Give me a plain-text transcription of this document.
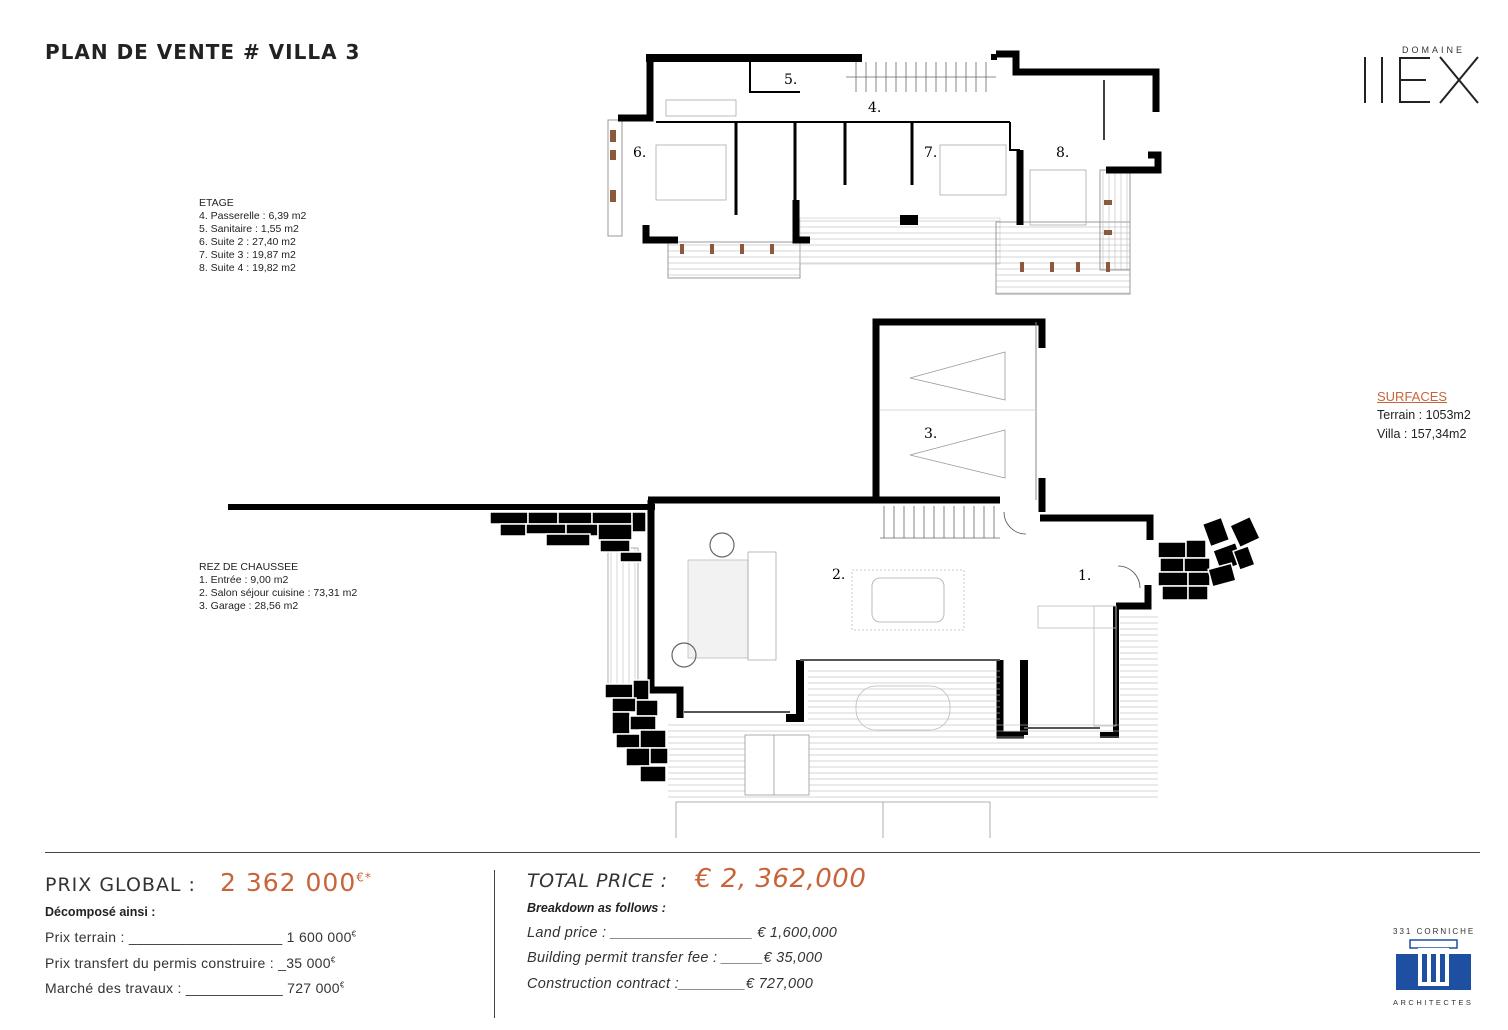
PLAN DE VENTE # VILLA 3	DOMAINE
ETAGE
4. Passerelle : 6,39 m2
5. Sanitaire : 1,55 m2
6. Suite 2 : 27,40 m2
7. Suite 3 : 19,87 m2
8. Suite 4 : 19,82 m2
REZ DE CHAUSSEE
1. Entrée : 9,00 m2
2. Salon séjour cuisine : 73,31 m2
3. Garage : 28,56 m2
SURFACES
Terrain : 1053m2
Villa : 157,34m2
1.
2.
3.
4.
5.
6.	7.	8.
PRIX GLOBAL : 2 362 000€*
Décomposé ainsi :
Prix terrain : ___________________ 1 600 000€
Prix transfert du permis construire : _35 000€
Marché des travaux : ____________ 727 000€
TOTAL PRICE : € 2, 362,000
Breakdown as follows :
Land price : _________________ € 1,600,000
Building permit transfer fee : _____€ 35,000
Construction contract :________€ 727,000
331 CORNICHE
ARCHITECTES
